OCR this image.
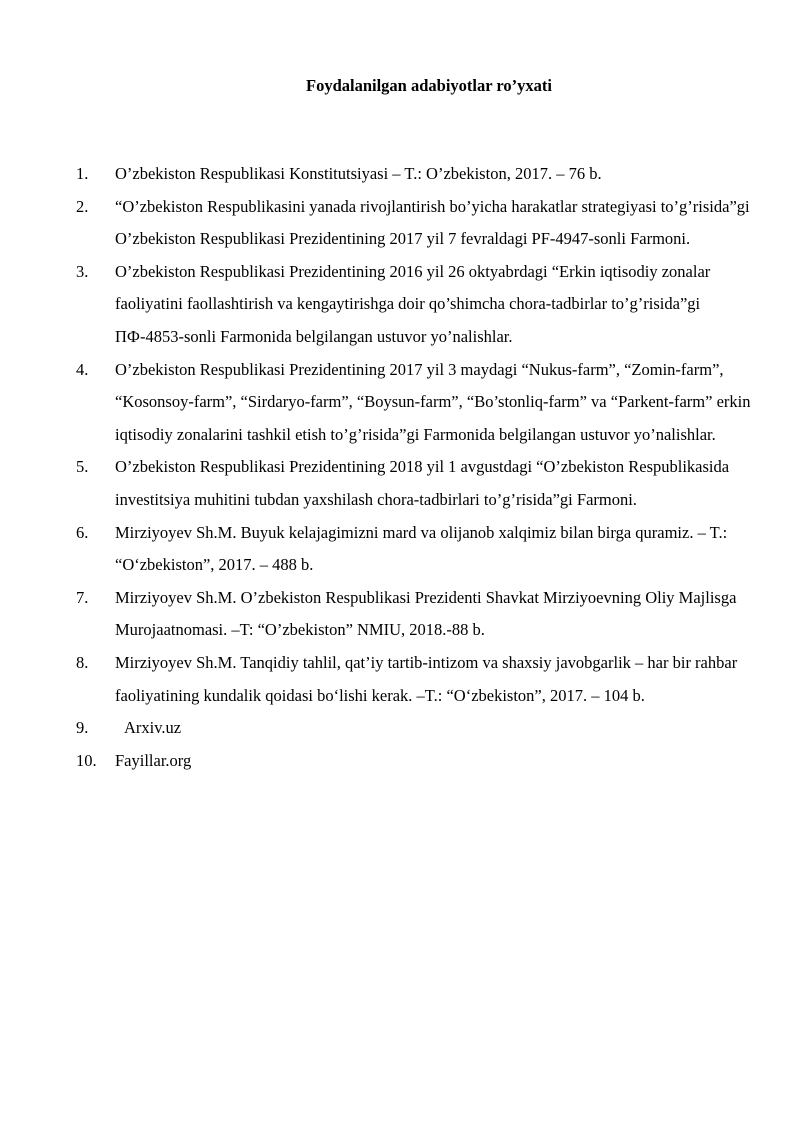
Foydalanilgan adabiyotlar ro’yxati
1. O’zbekiston Respublikasi Konstitutsiyasi – T.: O’zbekiston, 2017. – 76 b.
2. “O’zbekiston Respublikasini yanada rivojlantirish bo’yicha harakatlar strategiyasi to’g’risida”gi O’zbekiston Respublikasi Prezidentining 2017 yil 7 fevraldagi PF-4947-sonli Farmoni.
3. O’zbekiston Respublikasi Prezidentining 2016 yil 26 oktyabrdagi “Erkin iqtisodiy zonalar faoliyatini faollashtirish va kengaytirishga doir qo’shimcha chora-tadbirlar to’g’risida”gi ПФ-4853-sonli Farmonida belgilangan ustuvor yo’nalishlar.
4. O’zbekiston Respublikasi Prezidentining 2017 yil 3 maydagi “Nukus-farm”, “Zomin-farm”, “Kosonsoy-farm”, “Sirdaryo-farm”, “Boysun-farm”, “Bo’stonliq-farm” va “Parkent-farm” erkin iqtisodiy zonalarini tashkil etish to’g’risida”gi Farmonida belgilangan ustuvor yo’nalishlar.
5. O’zbekiston Respublikasi Prezidentining 2018 yil 1 avgustdagi “O’zbekiston Respublikasida investitsiya muhitini tubdan yaxshilash chora-tadbirlari to’g’risida”gi Farmoni.
6. Mirziyoyev Sh.M. Buyuk kelajagimizni mard va olijanob xalqimiz bilan birga quramiz. – T.: “O‘zbekiston”, 2017. – 488 b.
7. Mirziyoyev Sh.M. O’zbekiston Respublikasi Prezidenti Shavkat Mirziyoevning Oliy Majlisga Murojaatnomasi. –T: “O’zbekiston” NMIU, 2018.-88 b.
8. Mirziyoyev Sh.M. Tanqidiy tahlil, qat’iy tartib-intizom va shaxsiy javobgarlik – har bir rahbar faoliyatining kundalik qoidasi bo‘lishi kerak. –T.: “O‘zbekiston”, 2017. – 104 b.
9.	Arxiv.uz
10. Fayillar.org
